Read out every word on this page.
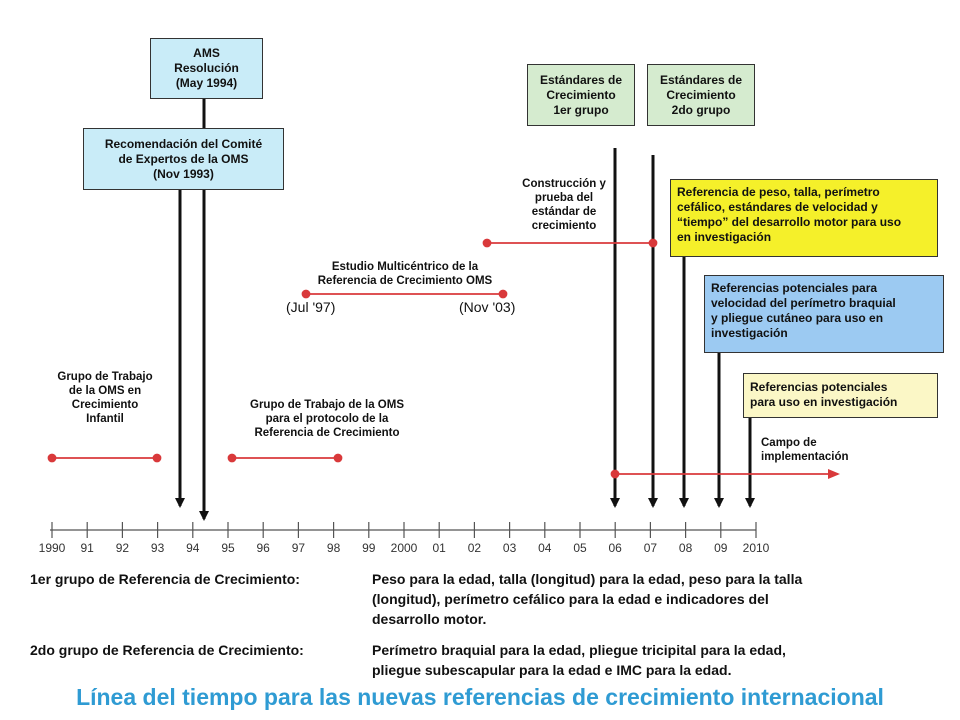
AMS
Resolución
(May 1994)
Recomendación del Comité
de Expertos de la OMS
(Nov 1993)
Estándares de
Crecimiento
1er grupo
Estándares de
Crecimiento
2do grupo
Referencia de peso, talla, perímetro
cefálico, estándares de velocidad y
“tiempo” del desarrollo motor para uso
en investigación
Referencias potenciales para
velocidad del perímetro braquial
y pliegue cutáneo para uso en
investigación
Referencias potenciales
para uso en investigación
Construcción y
prueba del
estándar de
crecimiento
Estudio Multicéntrico de la
Referencia de Crecimiento OMS
(Jul '97)	(Nov '03)
Grupo de Trabajo
de la OMS en
Crecimiento
Infantil
Grupo de Trabajo de la OMS
para el protocolo de la
Referencia de Crecimiento
Campo de
implementación
1990	91	92	93	94	95	96	97	98	99	2000	01	02	03	04	05	06	07	08	09	2010
1er grupo de Referencia de Crecimiento:	Peso para la edad, talla (longitud) para la edad, peso para la talla
(longitud), perímetro cefálico para la edad e indicadores del
desarrollo motor.
2do grupo de Referencia de Crecimiento:	Perímetro braquial para la edad, pliegue tricipital para la edad,
pliegue subescapular para la edad e IMC para la edad.
Línea del tiempo para las nuevas referencias de crecimiento internacional
